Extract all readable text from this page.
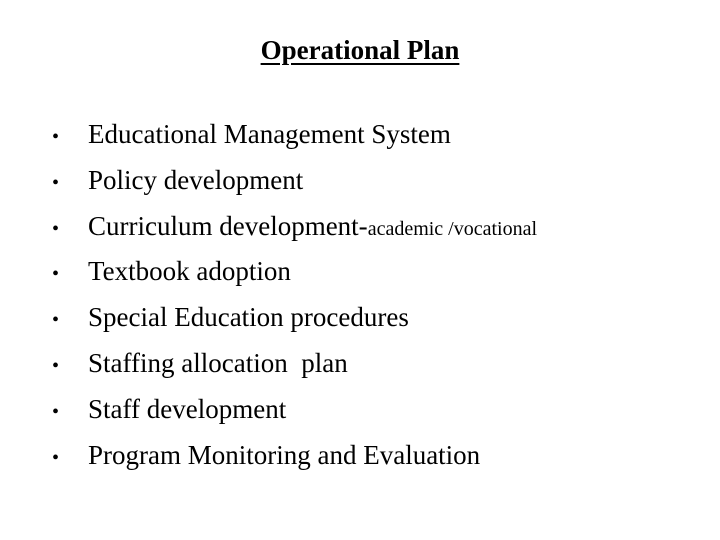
Operational Plan
•	Educational Management System
•	Policy development
•	Curriculum development- academic /vocational
•	Textbook adoption
•	Special Education procedures
•	Staffing allocation  plan
•	Staff development
•	Program Monitoring and Evaluation
